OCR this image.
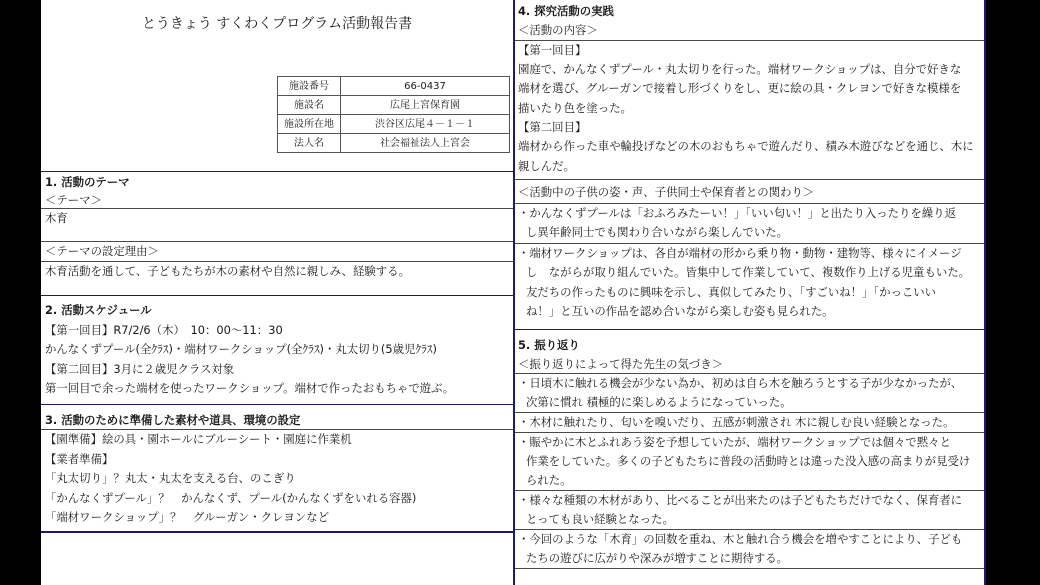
とうきょう すくわくプログラム活動報告書
施設番号	66-0437
施設名	広尾上宮保育園
施設所在地	渋谷区広尾４－１－１
法人名	社会福祉法人上宮会
1. 活動のテーマ
＜テーマ＞
木育
＜テーマの設定理由＞
木育活動を通して、子どもたちが木の素材や自然に親しみ、経験する。
2. 活動スケジュール
【第一回目】R7/2/6（木）　10：00～11：30
かんなくずプール(全ｸﾗｽ)・端材ワークショップ(全ｸﾗｽ)・丸太切り(5歳児ｸﾗｽ)
【第二回目】3月に２歳児クラス対象
第一回目で余った端材を使ったワークショップ。端材で作ったおもちゃで遊ぶ。
3. 活動のために準備した素材や道具、環境の設定
【園準備】絵の具・園ホールにブルーシート・園庭に作業机
【業者準備】
「丸太切り」？丸太・丸太を支える台、のこぎり
「かんなくずプール」？　かんなくず、プール(かんなくずをいれる容器)
「端材ワークショップ」？　グルーガン・クレヨンなど
4. 探究活動の実践
＜活動の内容＞
【第一回目】
園庭で、かんなくずプール・丸太切りを行った。端材ワークショップは、自分で好きな
端材を選び、グルーガンで接着し形づくりをし、更に絵の具・クレヨンで好きな模様を
描いたり色を塗った。
【第二回目】
端材から作った車や輪投げなどの木のおもちゃで遊んだり、積み木遊びなどを通じ、木に
親しんだ。
＜活動中の子供の姿・声、子供同士や保育者との関わり＞
・かんなくずプールは「おふろみたーい！」「いい匂い！」と出たり入ったりを繰り返
し異年齢同士でも関わり合いながら楽しんでいた。
・端材ワークショップは、各自が端材の形から乗り物・動物・建物等、様々にイメージ
し　ながらが取り組んでいた。皆集中して作業していて、複数作り上げる児童もいた。
友だちの作ったものに興味を示し、真似してみたり、「すごいね！」「かっこいい
ね！」と互いの作品を認め合いながら楽しむ姿も見られた。
5. 振り返り
＜振り返りによって得た先生の気づき＞
・日頃木に触れる機会が少ない為か、初めは自ら木を触ろうとする子が少なかったが、
次第に慣れ 積極的に楽しめるようになっていった。
・木材に触れたり、匂いを嗅いだり、五感が刺激され 木に親しむ良い経験となった。
・賑やかに木とふれあう姿を予想していたが、端材ワークショップでは個々で黙々と
作業をしていた。多くの子どもたちに普段の活動時とは違った没入感の高まりが見受け
られた。
・様々な種類の木材があり、比べることが出来たのは子どもたちだけでなく、保育者に
とっても良い経験となった。
・今回のような「木育」の回数を重ね、木と触れ合う機会を増やすことにより、子ども
たちの遊びに広がりや深みが増すことに期待する。
